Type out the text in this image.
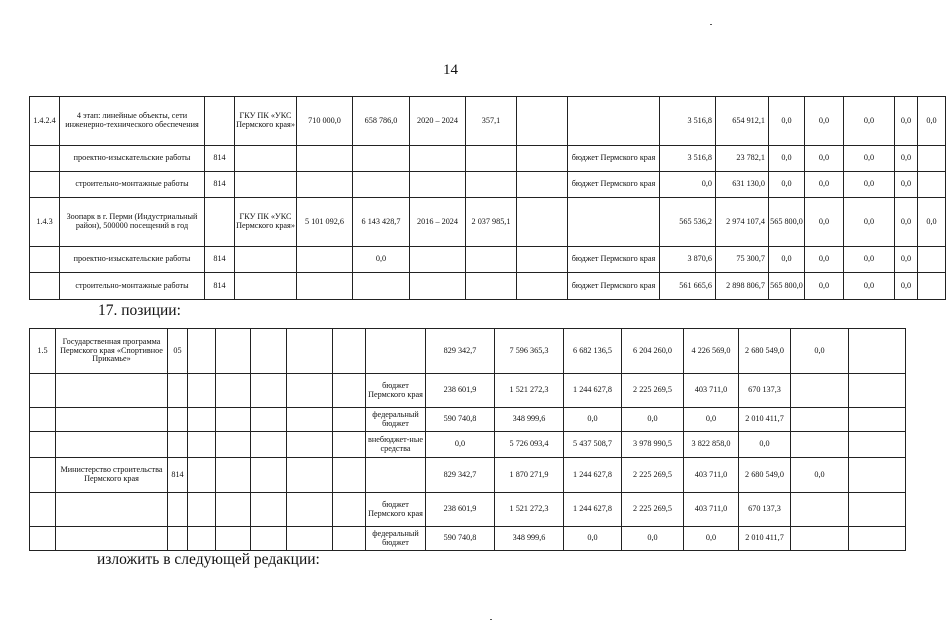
14
1.4.2.4	4 этап: линейные объекты, сети инженерно-технического обеспечения		ГКУ ПК «УКС Пермского края»	710 000,0	658 786,0	2020 – 2024	357,1			3 516,8	654 912,1	0,0	0,0	0,0	0,0	0,0
	проектно-изыскательские работы	814							бюджет Пермского края	3 516,8	23 782,1	0,0	0,0	0,0	0,0	
	строительно-монтажные работы	814							бюджет Пермского края	0,0	631 130,0	0,0	0,0	0,0	0,0	
1.4.3	Зоопарк в г. Перми (Индустриальный район), 500000 посещений в год		ГКУ ПК «УКС Пермского края»	5 101 092,6	6 143 428,7	2016 – 2024	2 037 985,1			565 536,2	2 974 107,4	565 800,0	0,0	0,0	0,0	0,0
	проектно-изыскательские работы	814			0,0				бюджет Пермского края	3 870,6	75 300,7	0,0	0,0	0,0	0,0	
	строительно-монтажные работы	814							бюджет Пермского края	561 665,6	2 898 806,7	565 800,0	0,0	0,0	0,0	
17. позиции:
1.5	Государственная программа Пермского края «Спортивное Прикамье»	05							829 342,7	7 596 365,3	6 682 136,5	6 204 260,0	4 226 569,0	2 680 549,0	0,0	
								бюджет Пермского края	238 601,9	1 521 272,3	1 244 627,8	2 225 269,5	403 711,0	670 137,3		
								федеральный бюджет	590 740,8	348 999,6	0,0	0,0	0,0	2 010 411,7		
								внебюджет-ные средства	0,0	5 726 093,4	5 437 508,7	3 978 990,5	3 822 858,0	0,0		
	Министерство строительства Пермского края	814							829 342,7	1 870 271,9	1 244 627,8	2 225 269,5	403 711,0	2 680 549,0	0,0	
								бюджет Пермского края	238 601,9	1 521 272,3	1 244 627,8	2 225 269,5	403 711,0	670 137,3		
								федеральный бюджет	590 740,8	348 999,6	0,0	0,0	0,0	2 010 411,7		
изложить в следующей редакции:
